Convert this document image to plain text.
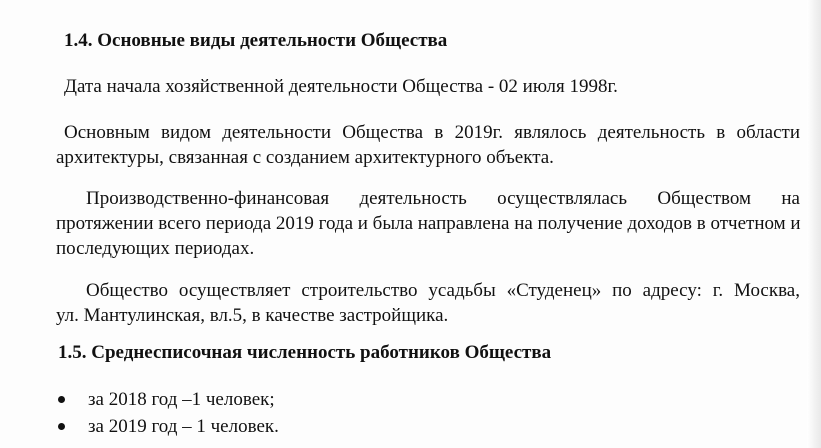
1.4. Основные виды деятельности Общества
Дата начала хозяйственной деятельности Общества - 02 июля 1998г.
Основным видом деятельности Общества в 2019г. являлось деятельность в области
архитектуры, связанная с созданием архитектурного объекта.
Производственно-финансовая деятельность осуществлялась Обществом на
протяжении всего периода 2019 года и была направлена на получение доходов в отчетном и
последующих периодах.
Общество осуществляет строительство усадьбы «Студенец» по адресу: г. Москва,
ул. Мантулинская, вл.5, в качестве застройщика.
1.5. Среднесписочная численность работников Общества
за 2018 год –1 человек;
за 2019 год – 1 человек.
